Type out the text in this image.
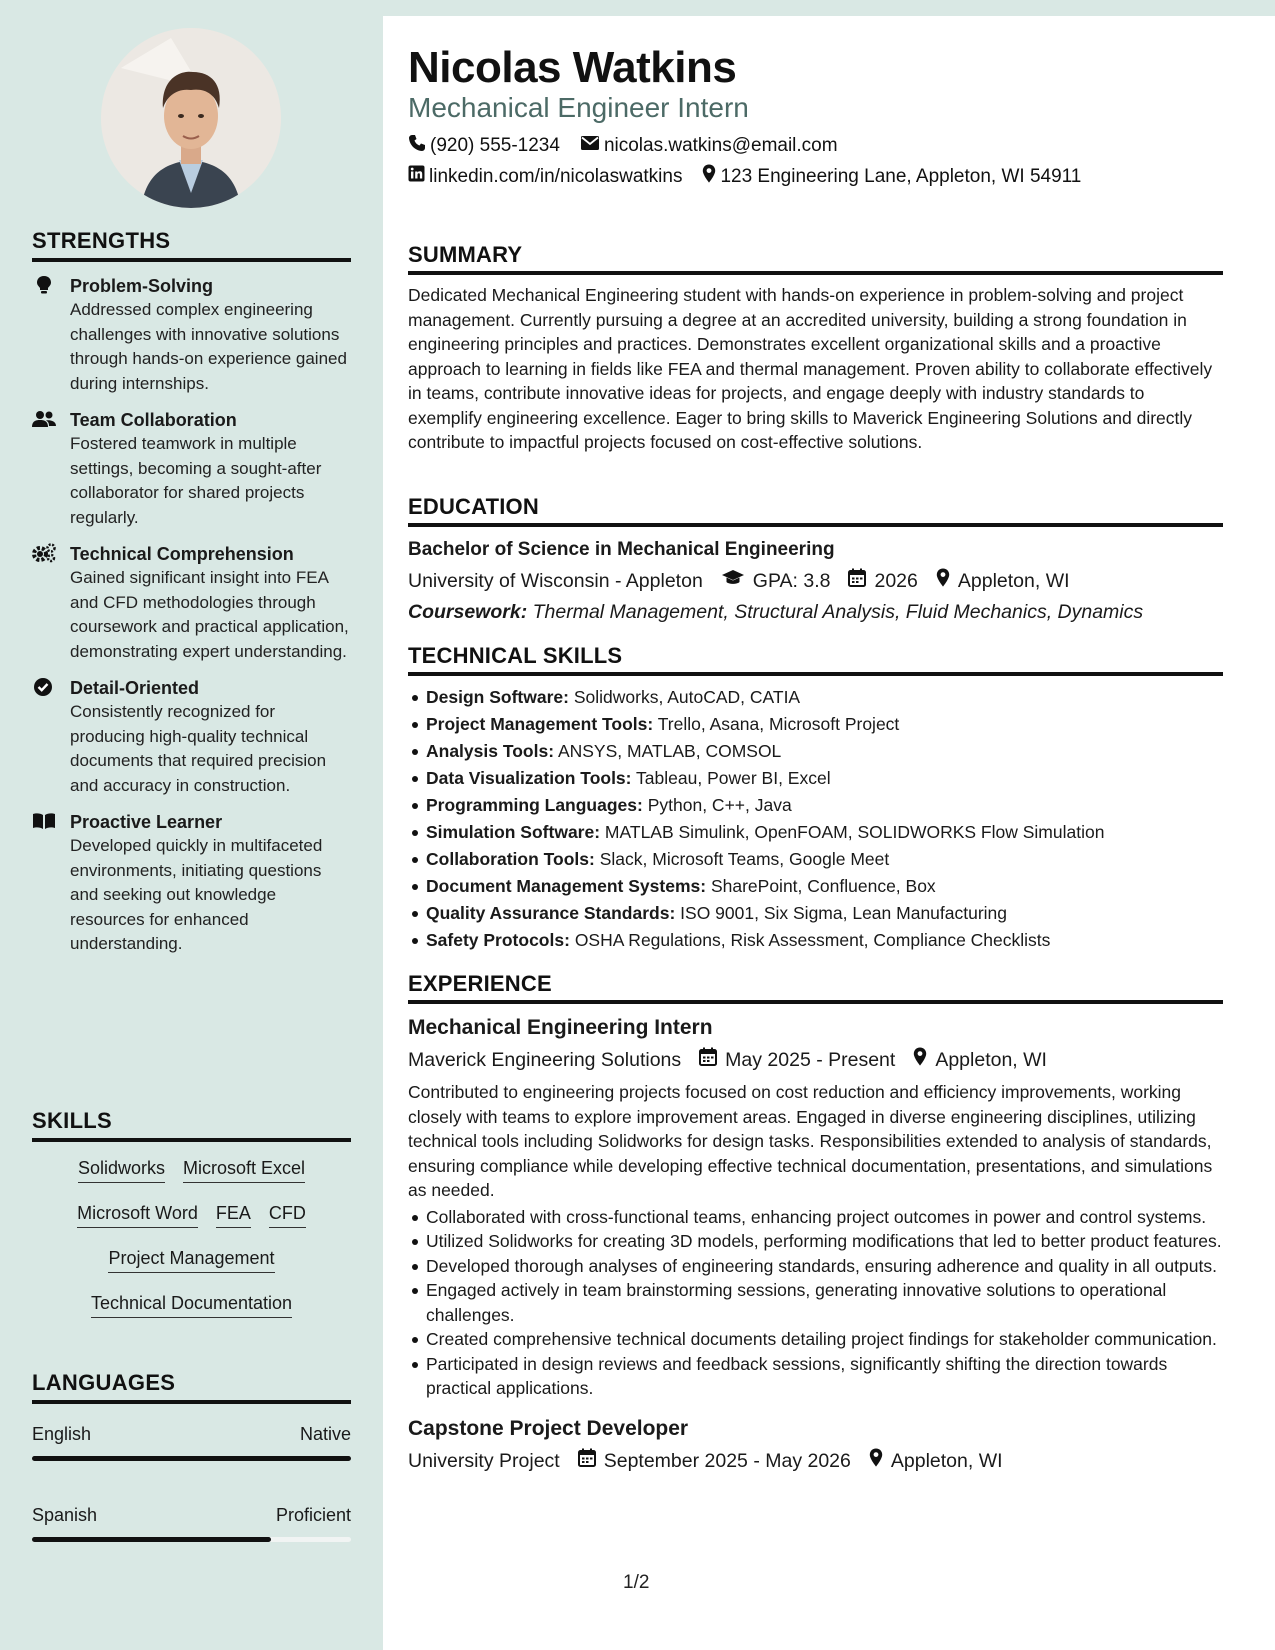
STRENGTHS
Problem-Solving
Addressed complex engineering challenges with innovative solutions through hands-on experience gained during internships.
Team Collaboration
Fostered teamwork in multiple settings, becoming a sought-after collaborator for shared projects regularly.
Technical Comprehension
Gained significant insight into FEA and CFD methodologies through coursework and practical application, demonstrating expert understanding.
Detail-Oriented
Consistently recognized for producing high-quality technical documents that required precision and accuracy in construction.
Proactive Learner
Developed quickly in multifaceted environments, initiating questions and seeking out knowledge resources for enhanced understanding.
SKILLS
Solidworks Microsoft Excel
Microsoft Word FEA CFD
Project Management
Technical Documentation
LANGUAGES
English	Native
Spanish	Proficient
Nicolas Watkins
Mechanical Engineer Intern
(920) 555-1234 nicolas.watkins@email.com
linkedin.com/in/nicolaswatkins 123 Engineering Lane, Appleton, WI 54911
SUMMARY
Dedicated Mechanical Engineering student with hands-on experience in problem-solving and project management. Currently pursuing a degree at an accredited university, building a strong foundation in engineering principles and practices. Demonstrates excellent organizational skills and a proactive approach to learning in fields like FEA and thermal management. Proven ability to collaborate effectively in teams, contribute innovative ideas for projects, and engage deeply with industry standards to exemplify engineering excellence. Eager to bring skills to Maverick Engineering Solutions and directly contribute to impactful projects focused on cost-effective solutions.
EDUCATION
Bachelor of Science in Mechanical Engineering
University of Wisconsin - Appleton	GPA: 3.8 2026 Appleton, WI
Coursework: Thermal Management, Structural Analysis, Fluid Mechanics, Dynamics
TECHNICAL SKILLS
Design Software: Solidworks, AutoCAD, CATIA
Project Management Tools: Trello, Asana, Microsoft Project
Analysis Tools: ANSYS, MATLAB, COMSOL
Data Visualization Tools: Tableau, Power BI, Excel
Programming Languages: Python, C++, Java
Simulation Software: MATLAB Simulink, OpenFOAM, SOLIDWORKS Flow Simulation
Collaboration Tools: Slack, Microsoft Teams, Google Meet
Document Management Systems: SharePoint, Confluence, Box
Quality Assurance Standards: ISO 9001, Six Sigma, Lean Manufacturing
Safety Protocols: OSHA Regulations, Risk Assessment, Compliance Checklists
EXPERIENCE
Mechanical Engineering Intern
Maverick Engineering Solutions May 2025 - Present Appleton, WI
Contributed to engineering projects focused on cost reduction and efficiency improvements, working closely with teams to explore improvement areas. Engaged in diverse engineering disciplines, utilizing technical tools including Solidworks for design tasks. Responsibilities extended to analysis of standards, ensuring compliance while developing effective technical documentation, presentations, and simulations as needed.
Collaborated with cross-functional teams, enhancing project outcomes in power and control systems.
Utilized Solidworks for creating 3D models, performing modifications that led to better product features.
Developed thorough analyses of engineering standards, ensuring adherence and quality in all outputs.
Engaged actively in team brainstorming sessions, generating innovative solutions to operational challenges.
Created comprehensive technical documents detailing project findings for stakeholder communication.
Participated in design reviews and feedback sessions, significantly shifting the direction towards practical applications.
Capstone Project Developer
University Project September 2025 - May 2026 Appleton, WI
1/2
